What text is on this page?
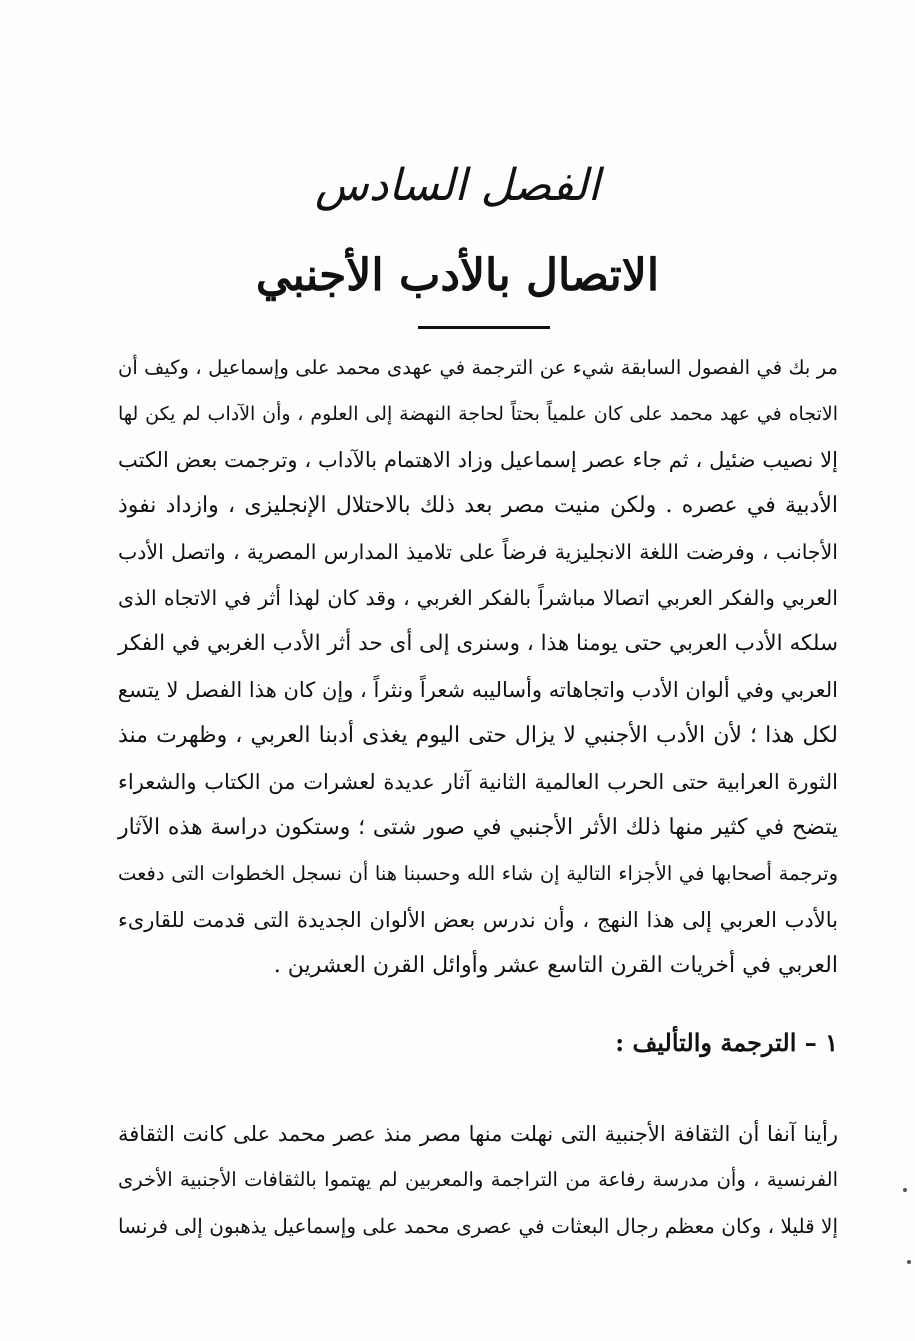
الفصل السادس
الاتصال بالأدب الأجنبي
مر بك في الفصول السابقة شيء عن الترجمة في عهدى محمد على وإسماعيل ، وكيف أن
الاتجاه في عهد محمد على كان علمياً بحتاً لحاجة النهضة إلى العلوم ، وأن الآداب لم يكن لها
إلا نصيب ضئيل ، ثم جاء عصر إسماعيل وزاد الاهتمام بالآداب ، وترجمت بعض الكتب
الأدبية في عصره . ولكن منيت مصر بعد ذلك بالاحتلال الإنجليزى ، وازداد نفوذ
الأجانب ، وفرضت اللغة الانجليزية فرضاً على تلاميذ المدارس المصرية ، واتصل الأدب
العربي والفكر العربي اتصالا مباشراً بالفكر الغربي ، وقد كان لهذا أثر في الاتجاه الذى
سلكه الأدب العربي حتى يومنا هذا ، وسنرى إلى أى حد أثر الأدب الغربي في الفكر
العربي وفي ألوان الأدب واتجاهاته وأساليبه شعراً ونثراً ، وإن كان هذا الفصل لا يتسع
لكل هذا ؛ لأن الأدب الأجنبي لا يزال حتى اليوم يغذى أدبنا العربي ، وظهرت منذ
الثورة العرابية حتى الحرب العالمية الثانية آثار عديدة لعشرات من الكتاب والشعراء
يتضح في كثير منها ذلك الأثر الأجنبي في صور شتى ؛ وستكون دراسة هذه الآثار
وترجمة أصحابها في الأجزاء التالية إن شاء الله وحسبنا هنا أن نسجل الخطوات التى دفعت
بالأدب العربي إلى هذا النهج ، وأن ندرس بعض الألوان الجديدة التى قدمت للقارىء
العربي في أخريات القرن التاسع عشر وأوائل القرن العشرين .
١ – الترجمة والتأليف :
رأينا آنفا أن الثقافة الأجنبية التى نهلت منها مصر منذ عصر محمد على كانت الثقافة
الفرنسية ، وأن مدرسة رفاعة من التراجمة والمعربين لم يهتموا بالثقافات الأجنبية الأخرى
إلا قليلا ، وكان معظم رجال البعثات في عصرى محمد على وإسماعيل يذهبون إلى فرنسا
